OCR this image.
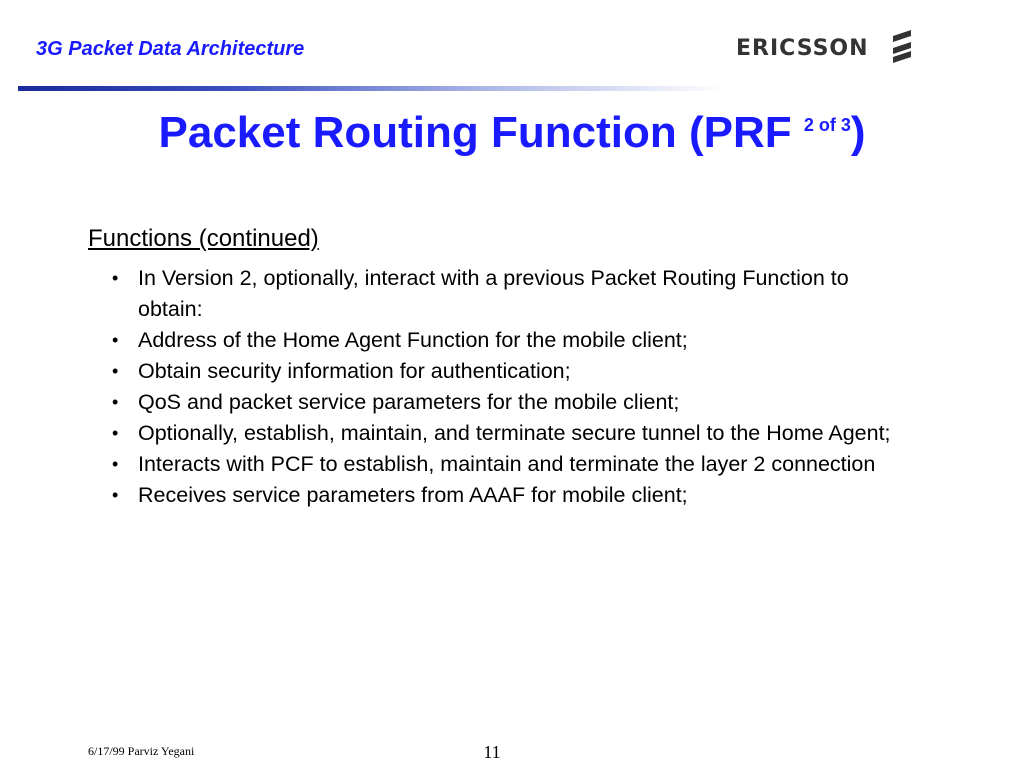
3G Packet Data Architecture	ERICSSON
Packet Routing Function (PRF $^{2 of 3}$)
Functions (continued)
• In Version 2, optionally, interact with a previous Packet Routing Function to obtain:
• Address of the Home Agent Function for the mobile client;
• Obtain security information for authentication;
• QoS and packet service parameters for the mobile client;
• Optionally, establish, maintain, and terminate secure tunnel to the Home Agent;
• Interacts with PCF to establish, maintain and terminate the layer 2 connection
• Receives service parameters from AAAF for mobile client;
6/17/99 Parviz Yegani	11
